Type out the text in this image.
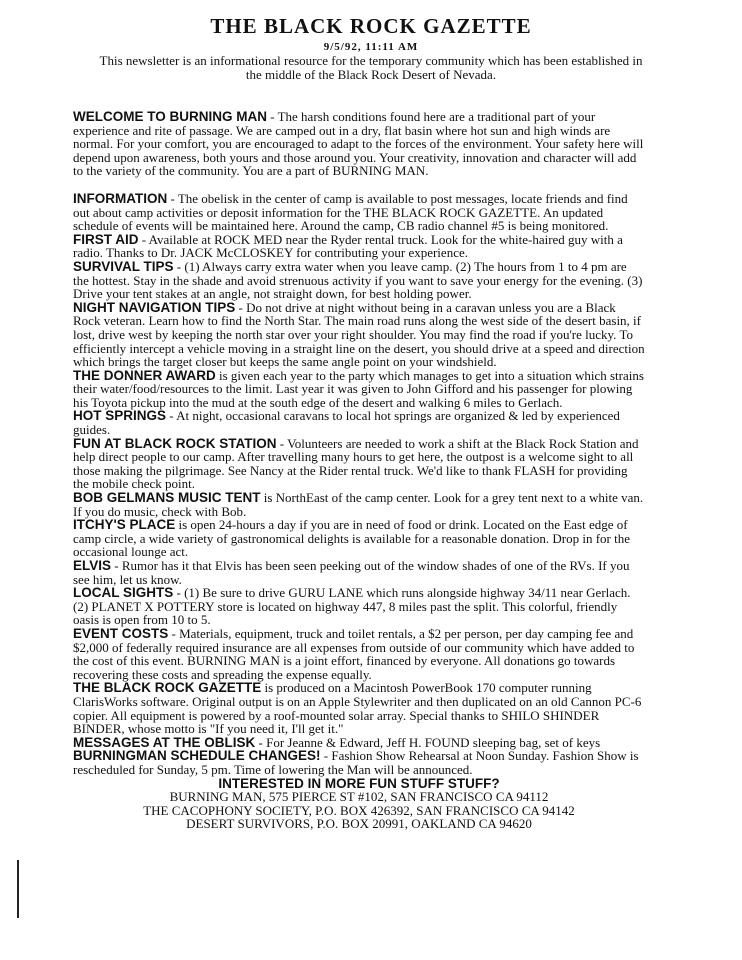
THE BLACK ROCK GAZETTE
9/5/92, 11:11 AM
This newsletter is an informational resource for the temporary community which has been established in the middle of the Black Rock Desert of Nevada.

WELCOME TO BURNING MAN - The harsh conditions found here are a traditional part of your experience and rite of passage. We are camped out in a dry, flat basin where hot sun and high winds are normal. For your comfort, you are encouraged to adapt to the forces of the environment. Your safety here will depend upon awareness, both yours and those around you. Your creativity, innovation and character will add to the variety of the community. You are a part of BURNING MAN.

INFORMATION - The obelisk in the center of camp is available to post messages, locate friends and find out about camp activities or deposit information for the THE BLACK ROCK GAZETTE. An updated schedule of events will be maintained here. Around the camp, CB radio channel #5 is being monitored.

FIRST AID - Available at ROCK MED near the Ryder rental truck. Look for the white-haired guy with a radio. Thanks to Dr. JACK McCLOSKEY for contributing your experience.

SURVIVAL TIPS - (1) Always carry extra water when you leave camp. (2) The hours from 1 to 4 pm are the hottest. Stay in the shade and avoid strenuous activity if you want to save your energy for the evening. (3) Drive your tent stakes at an angle, not straight down, for best holding power.

NIGHT NAVIGATION TIPS - Do not drive at night without being in a caravan unless you are a Black Rock veteran. Learn how to find the North Star. The main road runs along the west side of the desert basin, if lost, drive west by keeping the north star over your right shoulder. You may find the road if you're lucky. To efficiently intercept a vehicle moving in a straight line on the desert, you should drive at a speed and direction which brings the target closer but keeps the same angle point on your windshield.

THE DONNER AWARD is given each year to the party which manages to get into a situation which strains their water/food/resources to the limit. Last year it was given to John Gifford and his passenger for plowing his Toyota pickup into the mud at the south edge of the desert and walking 6 miles to Gerlach.

HOT SPRINGS - At night, occasional caravans to local hot springs are organized & led by experienced guides.

FUN AT BLACK ROCK STATION - Volunteers are needed to work a shift at the Black Rock Station and help direct people to our camp. After travelling many hours to get here, the outpost is a welcome sight to all those making the pilgrimage. See Nancy at the Rider rental truck. We'd like to thank FLASH for providing the mobile check point.

BOB GELMANS MUSIC TENT is NorthEast of the camp center. Look for a grey tent next to a white van. If you do music, check with Bob.

ITCHY'S PLACE is open 24-hours a day if you are in need of food or drink. Located on the East edge of camp circle, a wide variety of gastronomical delights is available for a reasonable donation. Drop in for the occasional lounge act.

ELVIS - Rumor has it that Elvis has been seen peeking out of the window shades of one of the RVs. If you see him, let us know.

LOCAL SIGHTS - (1) Be sure to drive GURU LANE which runs alongside highway 34/11 near Gerlach. (2) PLANET X POTTERY store is located on highway 447, 8 miles past the split. This colorful, friendly oasis is open from 10 to 5.

EVENT COSTS - Materials, equipment, truck and toilet rentals, a $2 per person, per day camping fee and $2,000 of federally required insurance are all expenses from outside of our community which have added to the cost of this event. BURNING MAN is a joint effort, financed by everyone. All donations go towards recovering these costs and spreading the expense equally.

THE BLACK ROCK GAZETTE is produced on a Macintosh PowerBook 170 computer running ClarisWorks software. Original output is on an Apple Stylewriter and then duplicated on an old Cannon PC-6 copier. All equipment is powered by a roof-mounted solar array. Special thanks to SHILO SHINDER BINDER, whose motto is "If you need it, I'll get it."

MESSAGES AT THE OBLISK - For Jeanne & Edward, Jeff H. FOUND sleeping bag, set of keys

BURNINGMAN SCHEDULE CHANGES! - Fashion Show Rehearsal at Noon Sunday. Fashion Show is rescheduled for Sunday, 5 pm. Time of lowering the Man will be announced.

INTERESTED IN MORE FUN STUFF STUFF?
BURNING MAN, 575 PIERCE ST #102, SAN FRANCISCO CA 94112
THE CACOPHONY SOCIETY, P.O. BOX 426392, SAN FRANCISCO CA 94142
DESERT SURVIVORS, P.O. BOX 20991, OAKLAND CA 94620
